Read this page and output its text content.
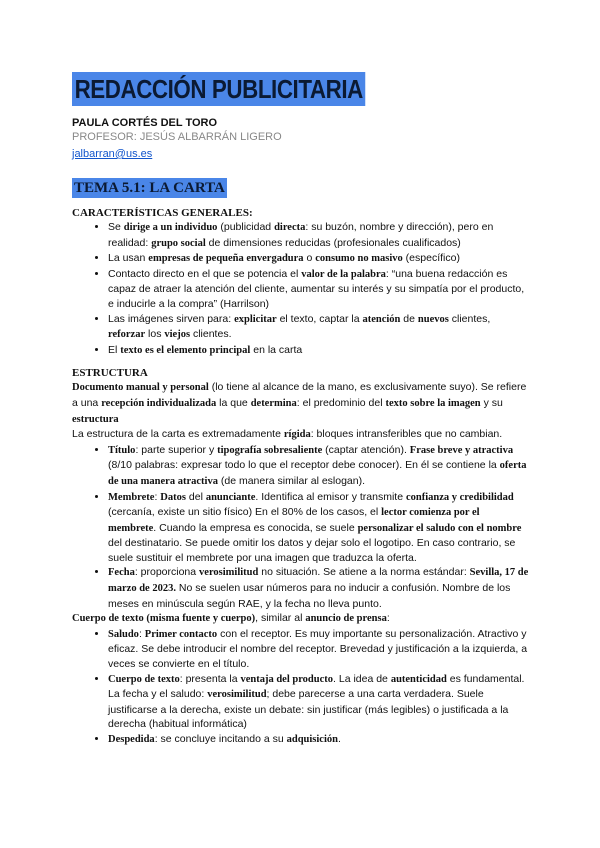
REDACCIÓN PUBLICITARIA
PAULA CORTÉS DEL TORO
PROFESOR: JESÚS ALBARRÁN LIGERO
jalbarran@us.es
TEMA 5.1: LA CARTA
CARACTERÍSTICAS GENERALES:
• Se dirige a un individuo (publicidad directa: su buzón, nombre y dirección), pero en realidad: grupo social de dimensiones reducidas (profesionales cualificados)
• La usan empresas de pequeña envergadura o consumo no masivo (específico)
• Contacto directo en el que se potencia el valor de la palabra: “una buena redacción es capaz de atraer la atención del cliente, aumentar su interés y su simpatía por el producto, e inducirle a la compra” (Harrilson)
• Las imágenes sirven para: explicitar el texto, captar la atención de nuevos clientes, reforzar los viejos clientes.
• El texto es el elemento principal en la carta
ESTRUCTURA

Documento manual y personal (lo tiene al alcance de la mano, es exclusivamente suyo). Se refiere a una recepción individualizada la que determina: el predominio del texto sobre la imagen y su estructura

La estructura de la carta es extremadamente rígida: bloques intransferibles que no cambian.

• Título: parte superior y tipografía sobresaliente (captar atención). Frase breve y atractiva (8/10 palabras: expresar todo lo que el receptor debe conocer). En él se contiene la oferta de una manera atractiva (de manera similar al eslogan).
• Membrete: Datos del anunciante. Identifica al emisor y transmite confianza y credibilidad (cercanía, existe un sitio físico) En el 80% de los casos, el lector comienza por el membrete. Cuando la empresa es conocida, se suele personalizar el saludo con el nombre del destinatario. Se puede omitir los datos y dejar solo el logotipo. En caso contrario, se suele sustituir el membrete por una imagen que traduzca la oferta.
• Fecha: proporciona verosimilitud no situación. Se atiene a la norma estándar: Sevilla, 17 de marzo de 2023. No se suelen usar números para no inducir a confusión. Nombre de los meses en minúscula según RAE, y la fecha no lleva punto.

Cuerpo de texto (misma fuente y cuerpo), similar al anuncio de prensa:

• Saludo: Primer contacto con el receptor. Es muy importante su personalización. Atractivo y eficaz. Se debe introducir el nombre del receptor. Brevedad y justificación a la izquierda, a veces se convierte en el título.
• Cuerpo de texto: presenta la ventaja del producto. La idea de autenticidad es fundamental. La fecha y el saludo: verosimilitud; debe parecerse a una carta verdadera. Suele justificarse a la derecha, existe un debate: sin justificar (más legibles) o justificada a la derecha (habitual informática)
• Despedida: se concluye incitando a su adquisición.
